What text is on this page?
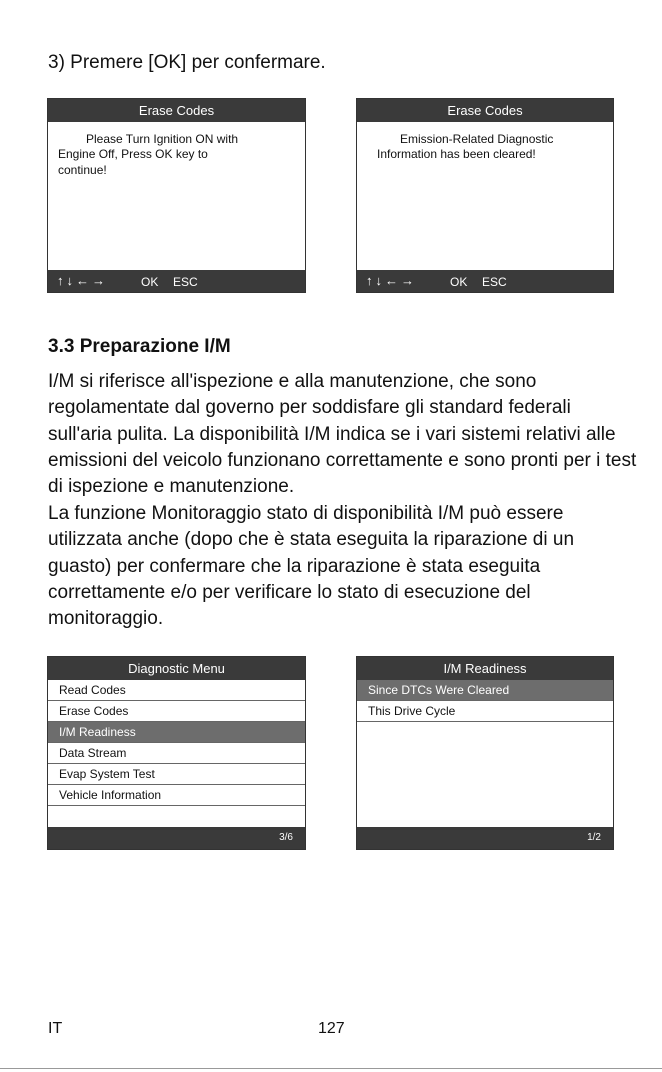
3) Premere [OK] per confermare.
Erase Codes
Please Turn Ignition ON with
Engine Off, Press OK key to
continue!
↑↓←→	OK ESC
Erase Codes
Emission-Related Diagnostic
Information has been cleared!
↑↓←→	OK ESC
3.3 Preparazione I/M
I/M si riferisce all'ispezione e alla manutenzione, che sono regolamentate dal governo per soddisfare gli standard federali sull'aria pulita. La disponibilità I/M indica se i vari sistemi relativi alle emissioni del veicolo funzionano correttamente e sono pronti per i test di ispezione e manutenzione.
La funzione Monitoraggio stato di disponibilità I/M può essere utilizzata anche (dopo che è stata eseguita la riparazione di un guasto) per confermare che la riparazione è stata eseguita correttamente e/o per verificare lo stato di esecuzione del monitoraggio.
Diagnostic Menu
Read Codes
Erase Codes
I/M Readiness
Data Stream
Evap System Test
Vehicle Information
3/6
I/M Readiness
Since DTCs Were Cleared
This Drive Cycle
1/2
IT	127
